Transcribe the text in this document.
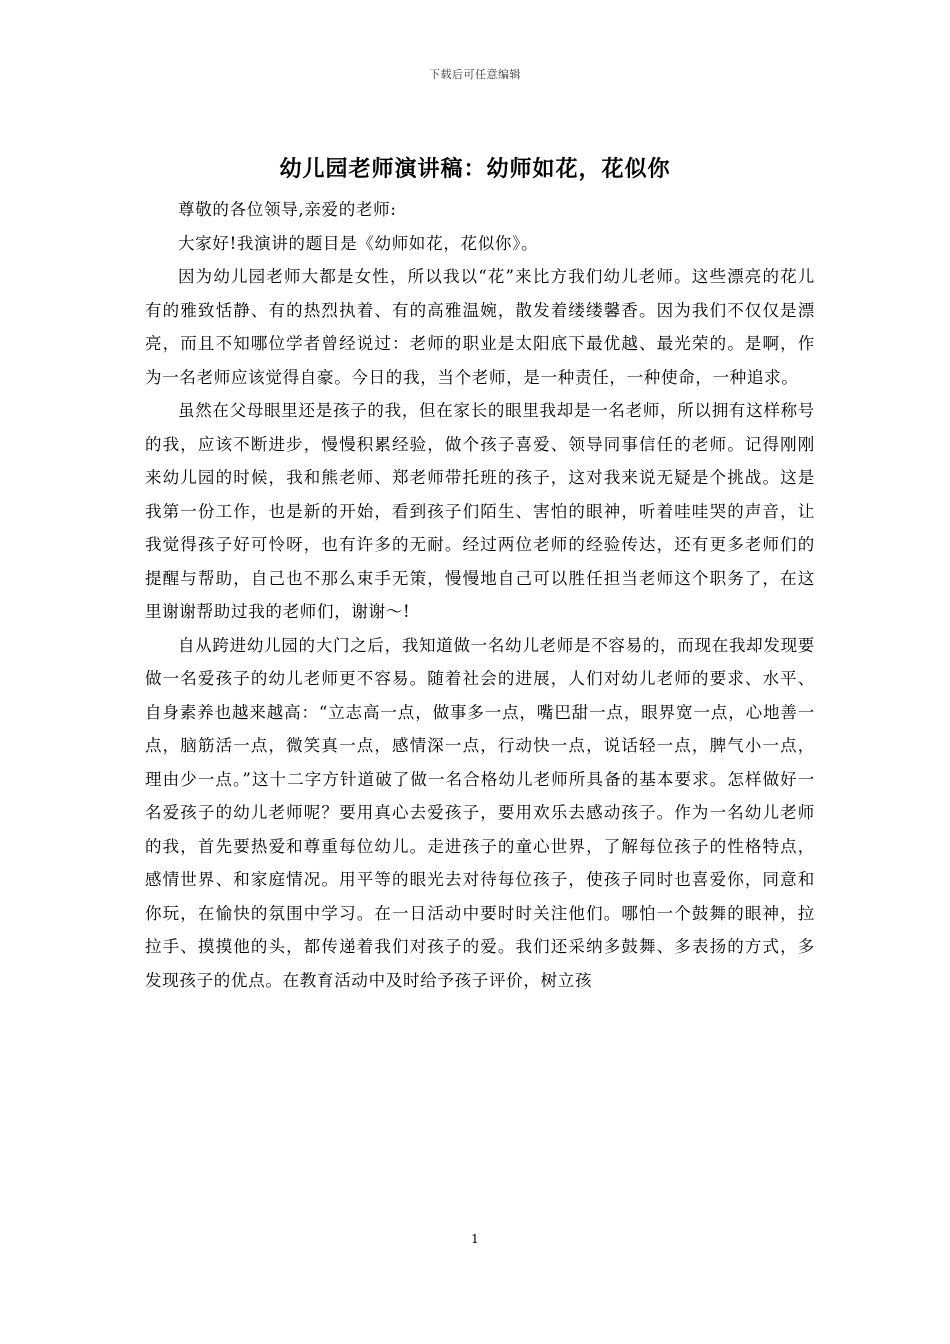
下载后可任意编辑
幼儿园老师演讲稿：幼师如花，花似你

尊敬的各位领导,亲爱的老师:

大家好!我演讲的题目是《幼师如花，花似你》。

因为幼儿园老师大都是女性，所以我以“花”来比方我们幼儿老师。这些漂亮的花儿有的雅致恬静、有的热烈执着、有的高雅温婉，散发着缕缕馨香。因为我们不仅仅是漂亮，而且不知哪位学者曾经说过：老师的职业是太阳底下最优越、最光荣的。是啊，作为一名老师应该觉得自豪。今日的我，当个老师，是一种责任，一种使命，一种追求。

虽然在父母眼里还是孩子的我，但在家长的眼里我却是一名老师，所以拥有这样称号的我，应该不断进步，慢慢积累经验，做个孩子喜爱、领导同事信任的老师。记得刚刚来幼儿园的时候，我和熊老师、郑老师带托班的孩子，这对我来说无疑是个挑战。这是我第一份工作，也是新的开始，看到孩子们陌生、害怕的眼神，听着哇哇哭的声音，让我觉得孩子好可怜呀，也有许多的无耐。经过两位老师的经验传达，还有更多老师们的提醒与帮助，自己也不那么束手无策，慢慢地自己可以胜任担当老师这个职务了，在这里谢谢帮助过我的老师们，谢谢～!

自从跨进幼儿园的大门之后，我知道做一名幼儿老师是不容易的，而现在我却发现要做一名爱孩子的幼儿老师更不容易。随着社会的进展，人们对幼儿老师的要求、水平、自身素养也越来越高：“立志高一点，做事多一点，嘴巴甜一点，眼界宽一点，心地善一点，脑筋活一点，微笑真一点，感情深一点，行动快一点，说话轻一点，脾气小一点，理由少一点。”这十二字方针道破了做一名合格幼儿老师所具备的基本要求。怎样做好一名爱孩子的幼儿老师呢？要用真心去爱孩子，要用欢乐去感动孩子。作为一名幼儿老师的我，首先要热爱和尊重每位幼儿。走进孩子的童心世界，了解每位孩子的性格特点，感情世界、和家庭情况。用平等的眼光去对待每位孩子，使孩子同时也喜爱你，同意和你玩，在愉快的氛围中学习。在一日活动中要时时关注他们。哪怕一个鼓舞的眼神，拉拉手、摸摸他的头，都传递着我们对孩子的爱。我们还采纳多鼓舞、多表扬的方式，多发现孩子的优点。在教育活动中及时给予孩子评价，树立孩

1
